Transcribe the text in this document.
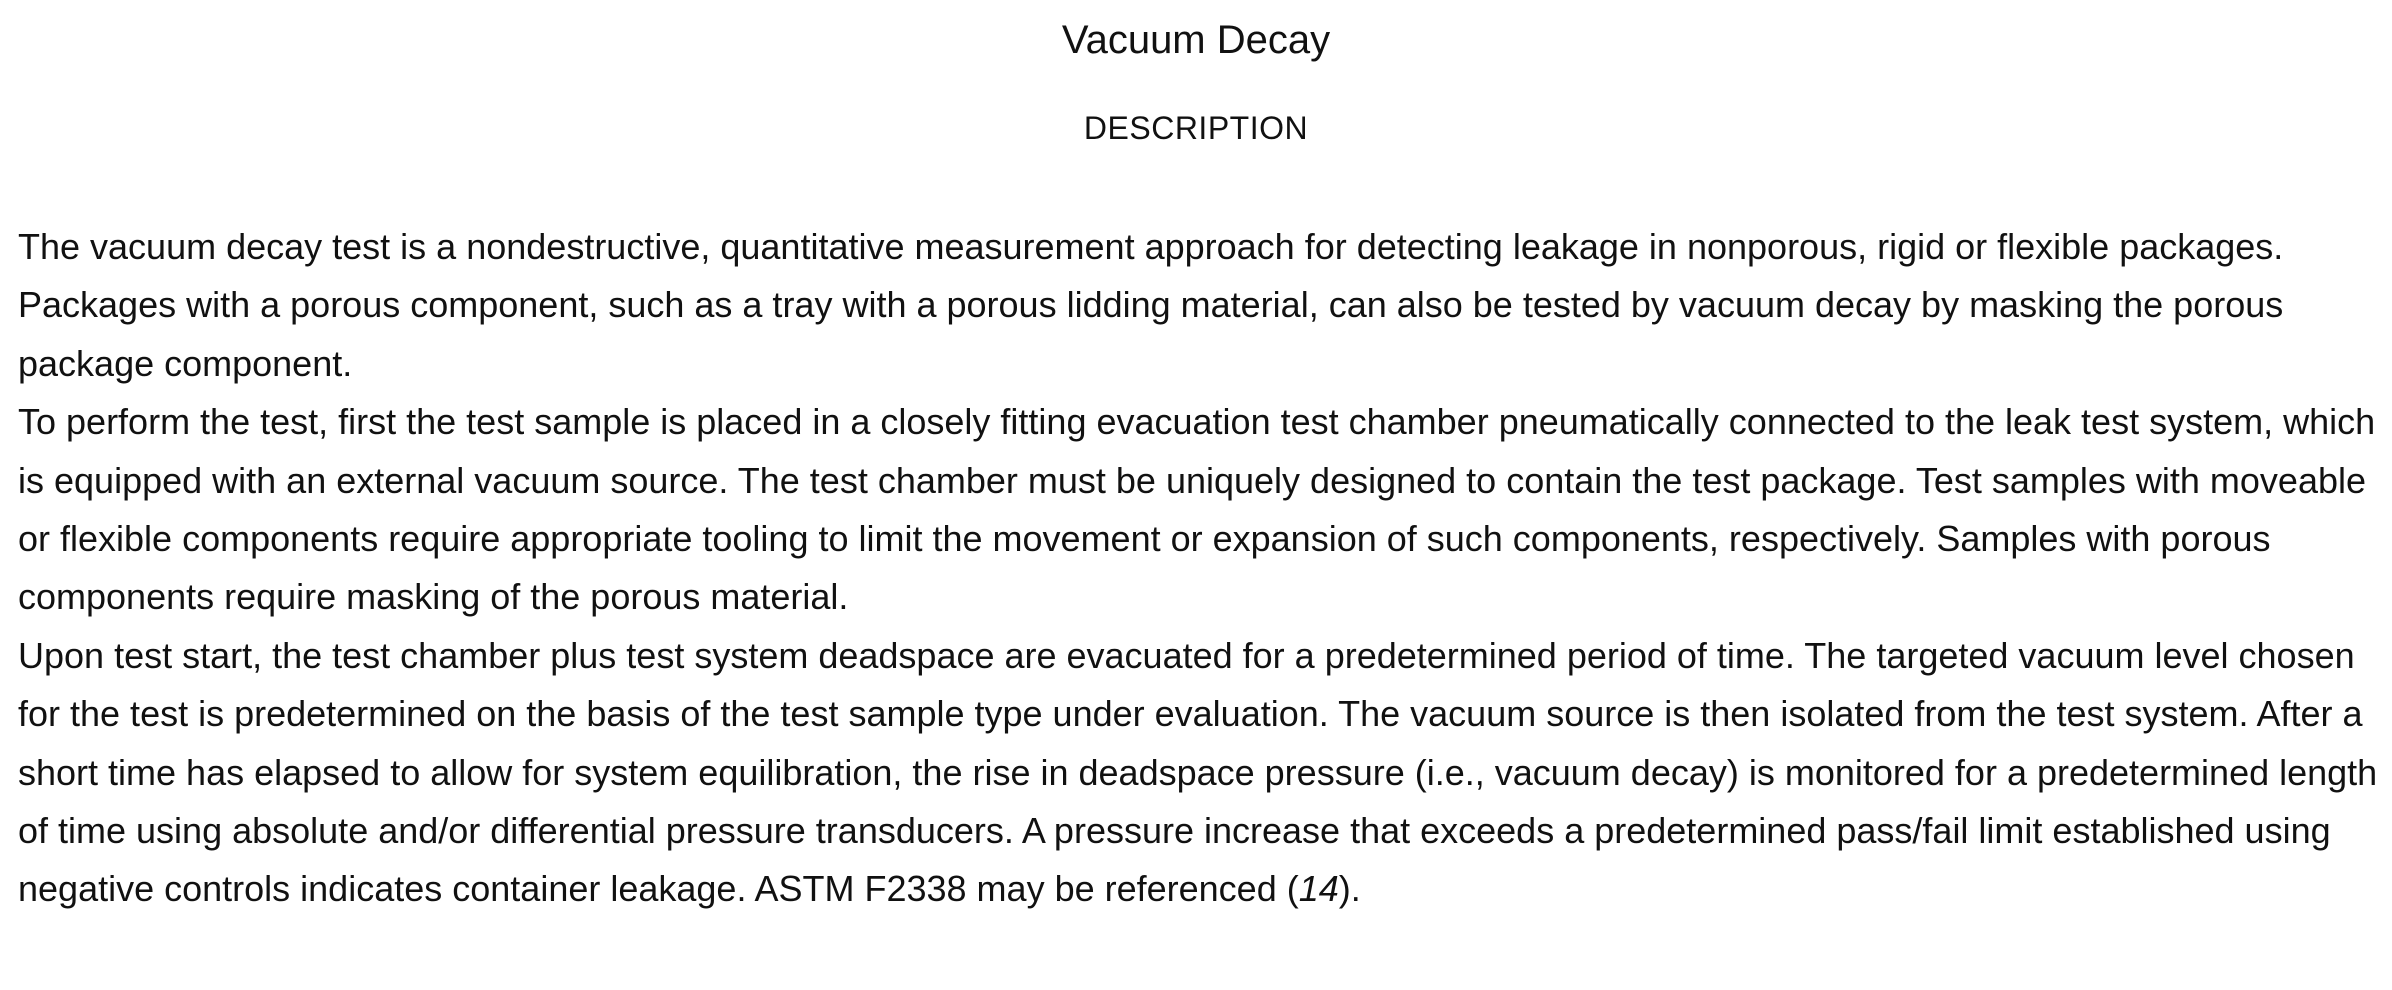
Vacuum Decay
DESCRIPTION

The vacuum decay test is a nondestructive, quantitative measurement approach for detecting leakage in nonporous, rigid or flexible packages. Packages with a porous component, such as a tray with a porous lidding material, can also be tested by vacuum decay by masking the porous package component.

To perform the test, first the test sample is placed in a closely fitting evacuation test chamber pneumatically connected to the leak test system, which is equipped with an external vacuum source. The test chamber must be uniquely designed to contain the test package. Test samples with moveable or flexible components require appropriate tooling to limit the movement or expansion of such components, respectively. Samples with porous components require masking of the porous material.

Upon test start, the test chamber plus test system deadspace are evacuated for a predetermined period of time. The targeted vacuum level chosen for the test is predetermined on the basis of the test sample type under evaluation. The vacuum source is then isolated from the test system. After a short time has elapsed to allow for system equilibration, the rise in deadspace pressure (i.e., vacuum decay) is monitored for a predetermined length of time using absolute and/or differential pressure transducers. A pressure increase that exceeds a predetermined pass/fail limit established using negative controls indicates container leakage. ASTM F2338 may be referenced (14).
